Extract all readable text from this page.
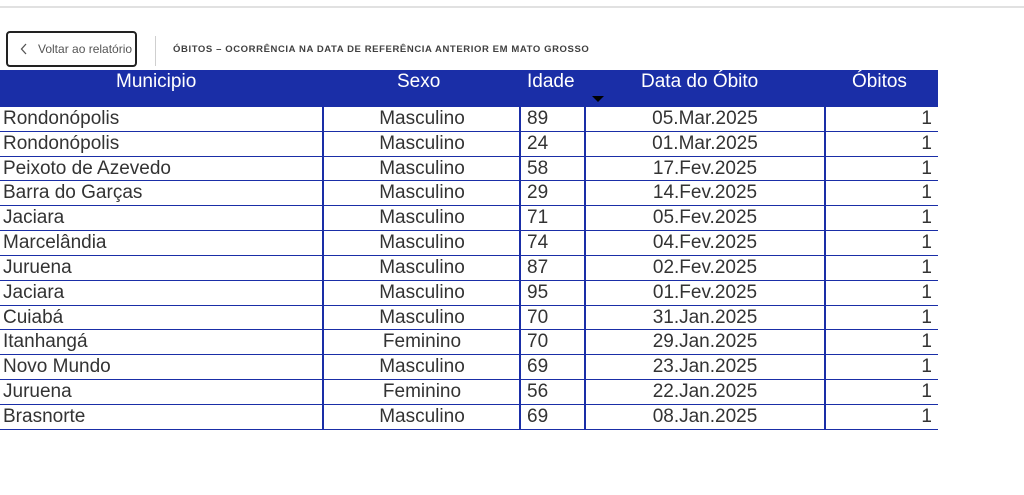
Voltar ao relatório	ÓBITOS – OCORRÊNCIA NA DATA DE REFERÊNCIA ANTERIOR EM MATO GROSSO
Municipio	Sexo	Idade	Data do Óbito	Óbitos
Rondonópolis	Masculino	89	05.Mar.2025	1
Rondonópolis	Masculino	24	01.Mar.2025	1
Peixoto de Azevedo	Masculino	58	17.Fev.2025	1
Barra do Garças	Masculino	29	14.Fev.2025	1
Jaciara	Masculino	71	05.Fev.2025	1
Marcelândia	Masculino	74	04.Fev.2025	1
Juruena	Masculino	87	02.Fev.2025	1
Jaciara	Masculino	95	01.Fev.2025	1
Cuiabá	Masculino	70	31.Jan.2025	1
Itanhangá	Feminino	70	29.Jan.2025	1
Novo Mundo	Masculino	69	23.Jan.2025	1
Juruena	Feminino	56	22.Jan.2025	1
Brasnorte	Masculino	69	08.Jan.2025	1
